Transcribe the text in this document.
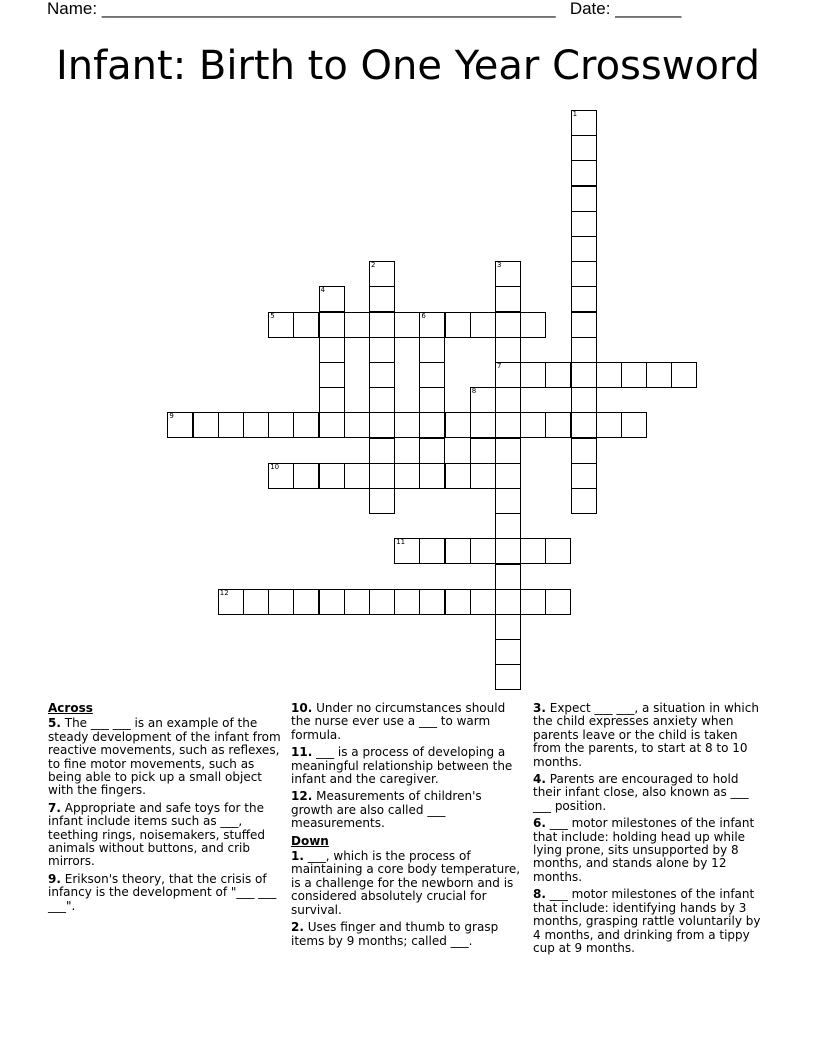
Name: ________________________________________________ Date: _______
Infant: Birth to One Year Crossword
1
2	3
7
4
5	6
8
9
10
11
12
Across
5. The ___ ___ is an example of the steady development of the infant from reactive movements, such as reflexes, to fine motor movements, such as being able to pick up a small object with the fingers.
7. Appropriate and safe toys for the infant include items such as ___, teething rings, noisemakers, stuffed animals without buttons, and crib mirrors.
9. Erikson's theory, that the crisis of infancy is the development of "___ ___ ___".
10. Under no circumstances should the nurse ever use a ___ to warm formula.
11. ___ is a process of developing a meaningful relationship between the infant and the caregiver.
12. Measurements of children's growth are also called ___ measurements.
Down
1. ___, which is the process of maintaining a core body temperature, is a challenge for the newborn and is considered absolutely crucial for survival.
2. Uses finger and thumb to grasp items by 9 months; called ___.
3. Expect ___ ___, a situation in which the child expresses anxiety when parents leave or the child is taken from the parents, to start at 8 to 10 months.
4. Parents are encouraged to hold their infant close, also known as ___ ___ position.
6. ___ motor milestones of the infant that include: holding head up while lying prone, sits unsupported by 8 months, and stands alone by 12 months.
8. ___ motor milestones of the infant that include: identifying hands by 3 months, grasping rattle voluntarily by 4 months, and drinking from a tippy cup at 9 months.
